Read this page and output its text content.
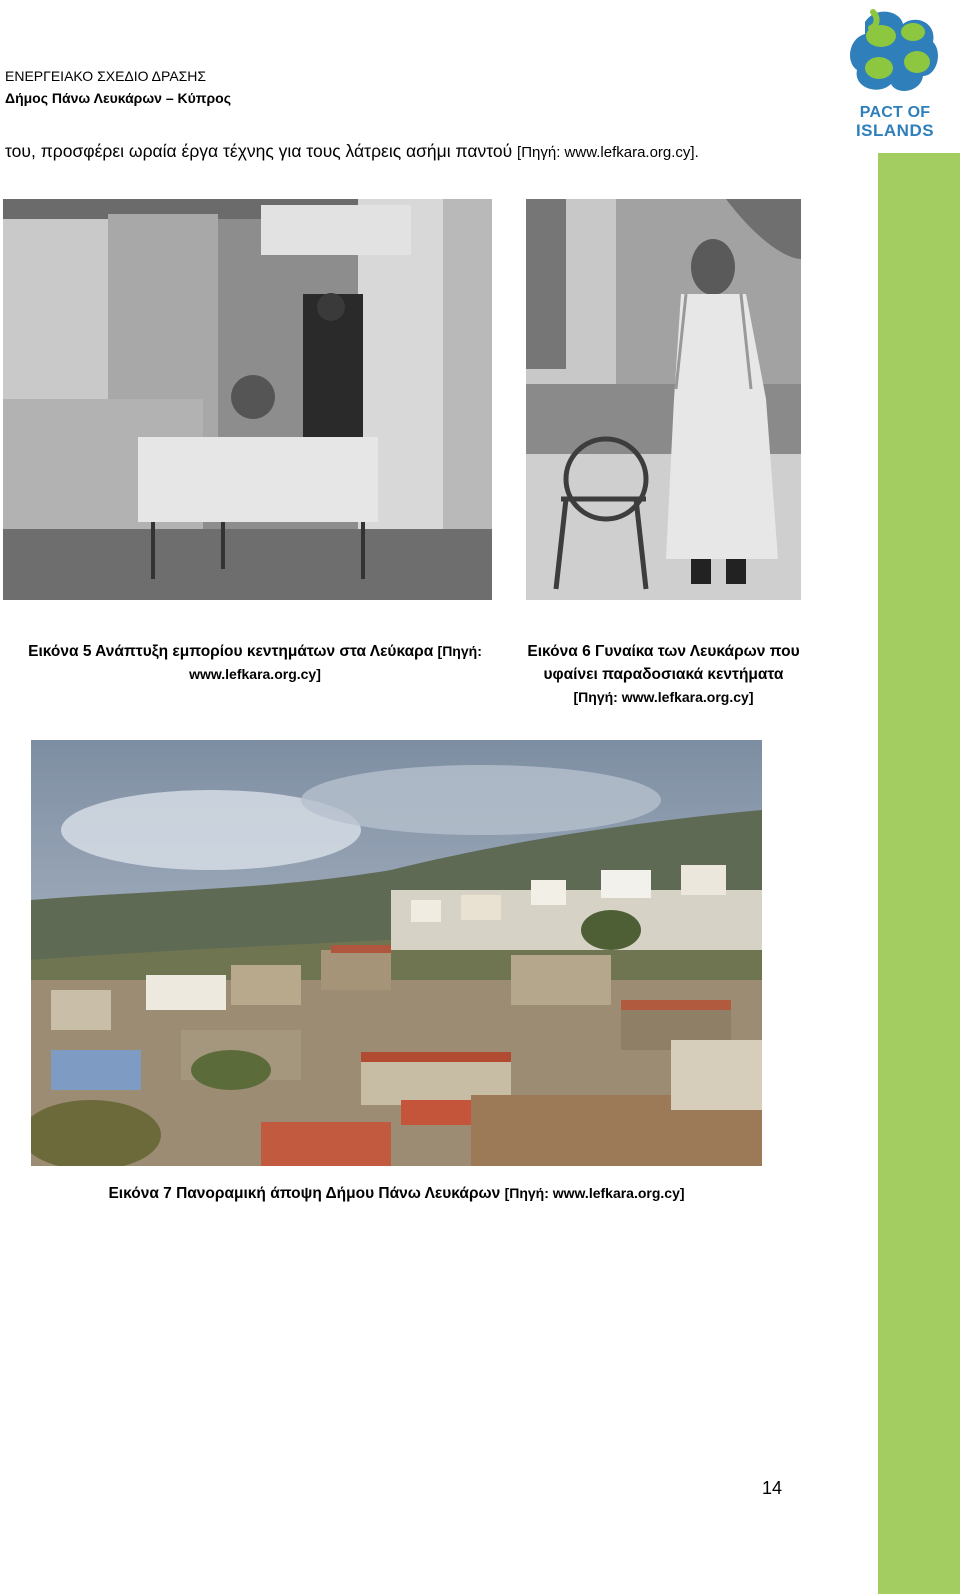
PACT OF
ISLANDS
ΕΝΕΡΓΕΙΑΚΟ ΣΧΕΔΙΟ ΔΡΑΣΗΣ
Δήμος Πάνω Λευκάρων – Κύπρος
του, προσφέρει ωραία έργα τέχνης για τους λάτρεις ασήμι παντού [Πηγή: www.lefkara.org.cy].
Εικόνα 5 Ανάπτυξη εμπορίου κεντημάτων στα Λεύκαρα [Πηγή: www.lefkara.org.cy]
Εικόνα 6 Γυναίκα των Λευκάρων που υφαίνει παραδοσιακά κεντήματα [Πηγή: www.lefkara.org.cy]
Εικόνα 7 Πανοραμική άποψη Δήμου Πάνω Λευκάρων [Πηγή: www.lefkara.org.cy]
14
